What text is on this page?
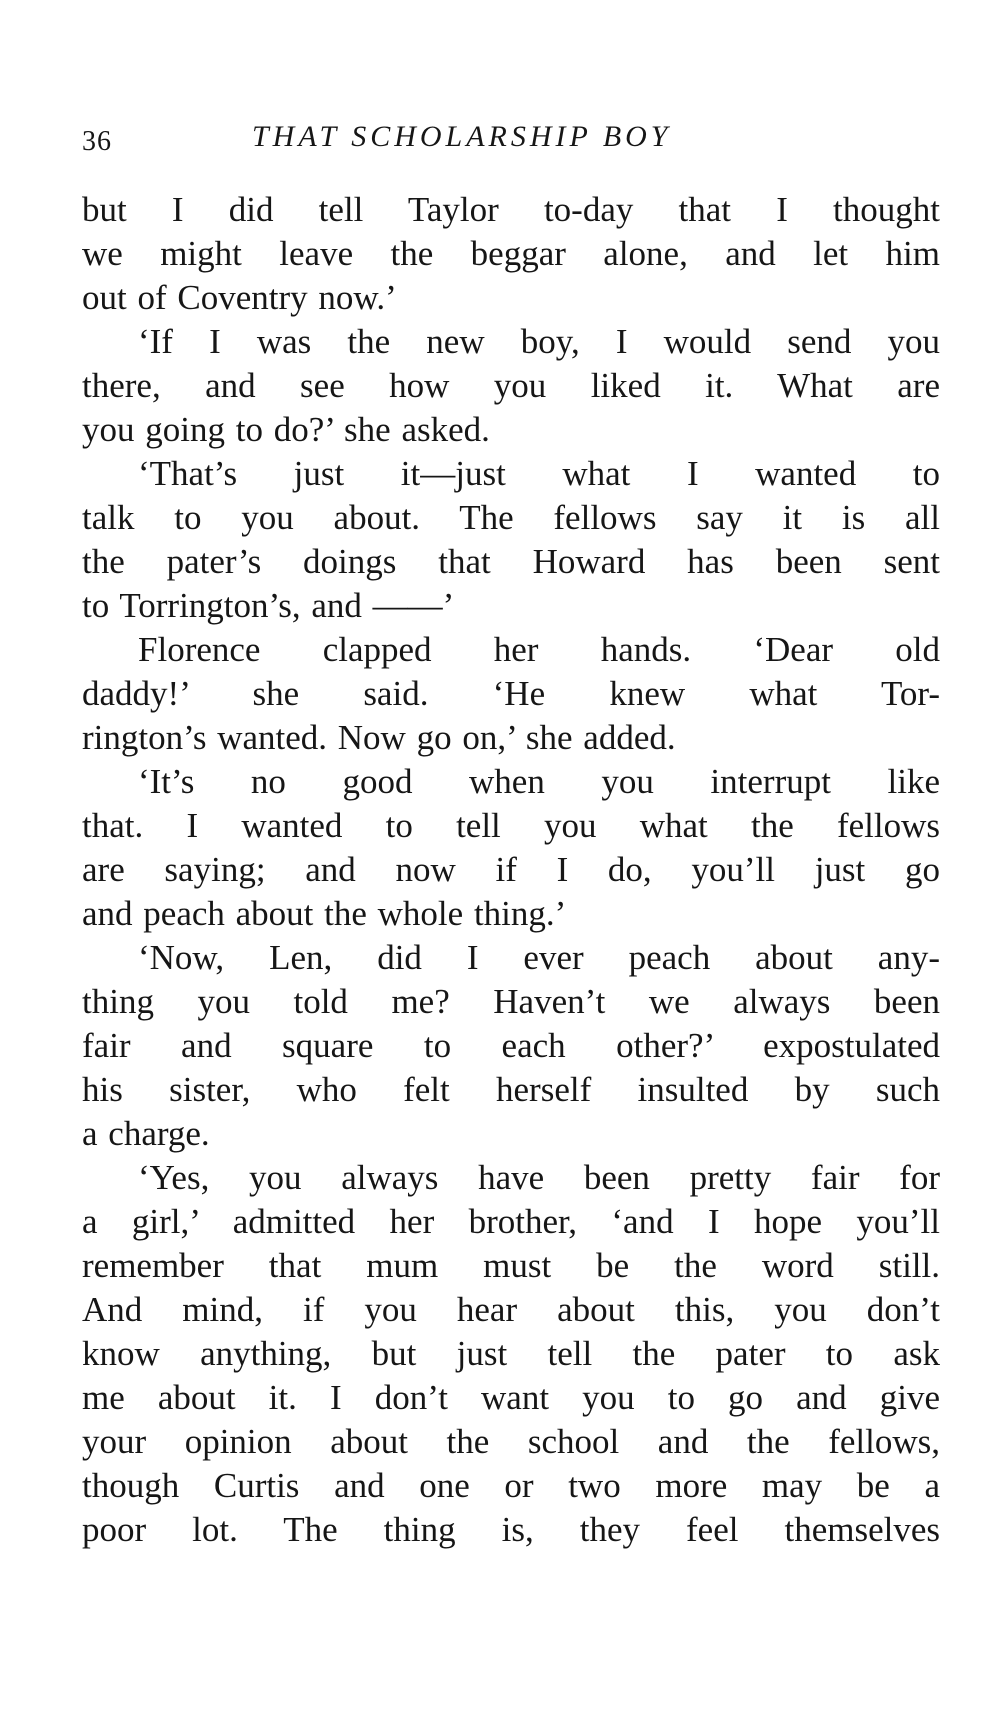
36	THAT SCHOLARSHIP BOY
but I did tell Taylor to-day that I thought
we might leave the beggar alone, and let him
out of Coventry now.’
‘If I was the new boy, I would send you
there, and see how you liked it. What are
you going to do?’ she asked.
‘That’s just it—just what I wanted to
talk to you about. The fellows say it is all
the pater’s doings that Howard has been sent
to Torrington’s, and ——’
Florence clapped her hands. ‘Dear old
daddy!’ she said. ‘He knew what Tor-
rington’s wanted. Now go on,’ she added.
‘It’s no good when you interrupt like
that. I wanted to tell you what the fellows
are saying; and now if I do, you’ll just go
and peach about the whole thing.’
‘Now, Len, did I ever peach about any-
thing you told me? Haven’t we always been
fair and square to each other?’ expostulated
his sister, who felt herself insulted by such
a charge.
‘Yes, you always have been pretty fair for
a girl,’ admitted her brother, ‘and I hope you’ll
remember that mum must be the word still.
And mind, if you hear about this, you don’t
know anything, but just tell the pater to ask
me about it. I don’t want you to go and give
your opinion about the school and the fellows,
though Curtis and one or two more may be a
poor lot. The thing is, they feel themselves
